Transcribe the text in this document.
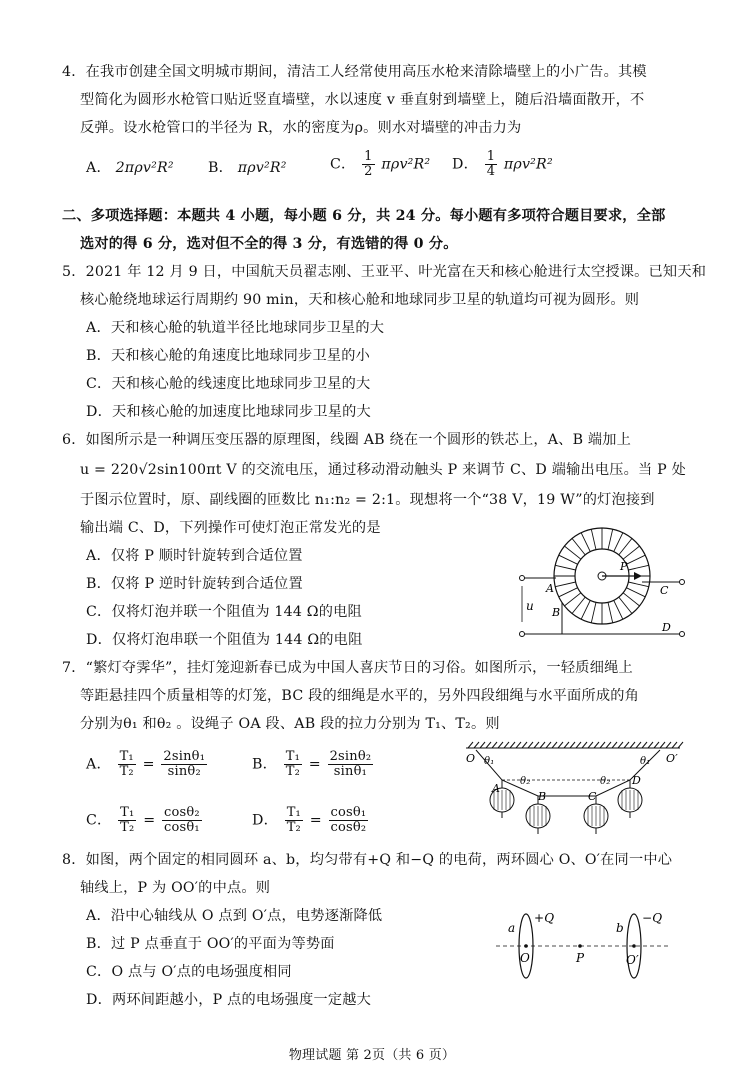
4．在我市创建全国文明城市期间，清洁工人经常使用高压水枪来清除墙壁上的小广告。其模
型简化为圆形水枪管口贴近竖直墙壁，水以速度 v 垂直射到墙壁上，随后沿墙面散开，不
反弹。设水枪管口的半径为 R，水的密度为ρ。则水对墙壁的冲击力为
A． 2πρv²R² B． πρv²R²	C． $\frac{1}{2} \pi\rho v^2R^2$ D． $\frac{1}{4} \pi\rho v^2R^2$
二、多项选择题：本题共 4 小题，每小题 6 分，共 24 分。每小题有多项符合题目要求，全部
选对的得 6 分，选对但不全的得 3 分，有选错的得 0 分。
5．2021 年 12 月 9 日，中国航天员翟志刚、王亚平、叶光富在天和核心舱进行太空授课。已知天和
核心舱绕地球运行周期约 90 min，天和核心舱和地球同步卫星的轨道均可视为圆形。则
A．天和核心舱的轨道半径比地球同步卫星的大
B．天和核心舱的角速度比地球同步卫星的小
C．天和核心舱的线速度比地球同步卫星的大
D．天和核心舱的加速度比地球同步卫星的大
6．如图所示是一种调压变压器的原理图，线圈 AB 绕在一个圆形的铁芯上，A、B 端加上
u = 220√2sin100πt V 的交流电压，通过移动滑动触头 P 来调节 C、D 端输出电压。当 P 处
于图示位置时，原、副线圈的匝数比 n₁:n₂ = 2:1。现想将一个“38 V，19 W”的灯泡接到
输出端 C、D，下列操作可使灯泡正常发光的是
A．仅将 P 顺时针旋转到合适位置
B．仅将 P 逆时针旋转到合适位置
C．仅将灯泡并联一个阻值为 144 Ω的电阻
D．仅将灯泡串联一个阻值为 144 Ω的电阻
P
A
B
C
D
u
7．“繁灯夺霁华”，挂灯笼迎新春已成为中国人喜庆节日的习俗。如图所示，一轻质细绳上
等距悬挂四个质量相等的灯笼，BC 段的细绳是水平的，另外四段细绳与水平面所成的角
分别为θ₁ 和θ₂ 。设绳子 OA 段、AB 段的拉力分别为 T₁、T₂。则
A． $\frac{\text{T₁}}{\text{T₂}} = \frac{\text{2sinθ₁}}{\text{sinθ₂}}$	B． $\frac{\text{T₁}}{\text{T₂}} = \frac{\text{2sinθ₂}}{\text{sinθ₁}}$
C． $\frac{\text{T₁}}{\text{T₂}} = \frac{\text{cosθ₂}}{\text{cosθ₁}}$	D． $\frac{\text{T₁}}{\text{T₂}} = \frac{\text{cosθ₁}}{\text{cosθ₂}}$
O	O′
θ₁	θ₁
θ₂	θ₂
A
B	C
D
8．如图，两个固定的相同圆环 a、b，均匀带有+Q 和−Q 的电荷，两环圆心 O、O′在同一中心
轴线上，P 为 OO′的中点。则
A．沿中心轴线从 O 点到 O′点，电势逐渐降低
B．过 P 点垂直于 OO′的平面为等势面
C．O 点与 O′点的电场强度相同
D．两环间距越小，P 点的电场强度一定越大
a
+Q
b
−Q
O	P	O′
物理试题 第 2页（共 6 页）
